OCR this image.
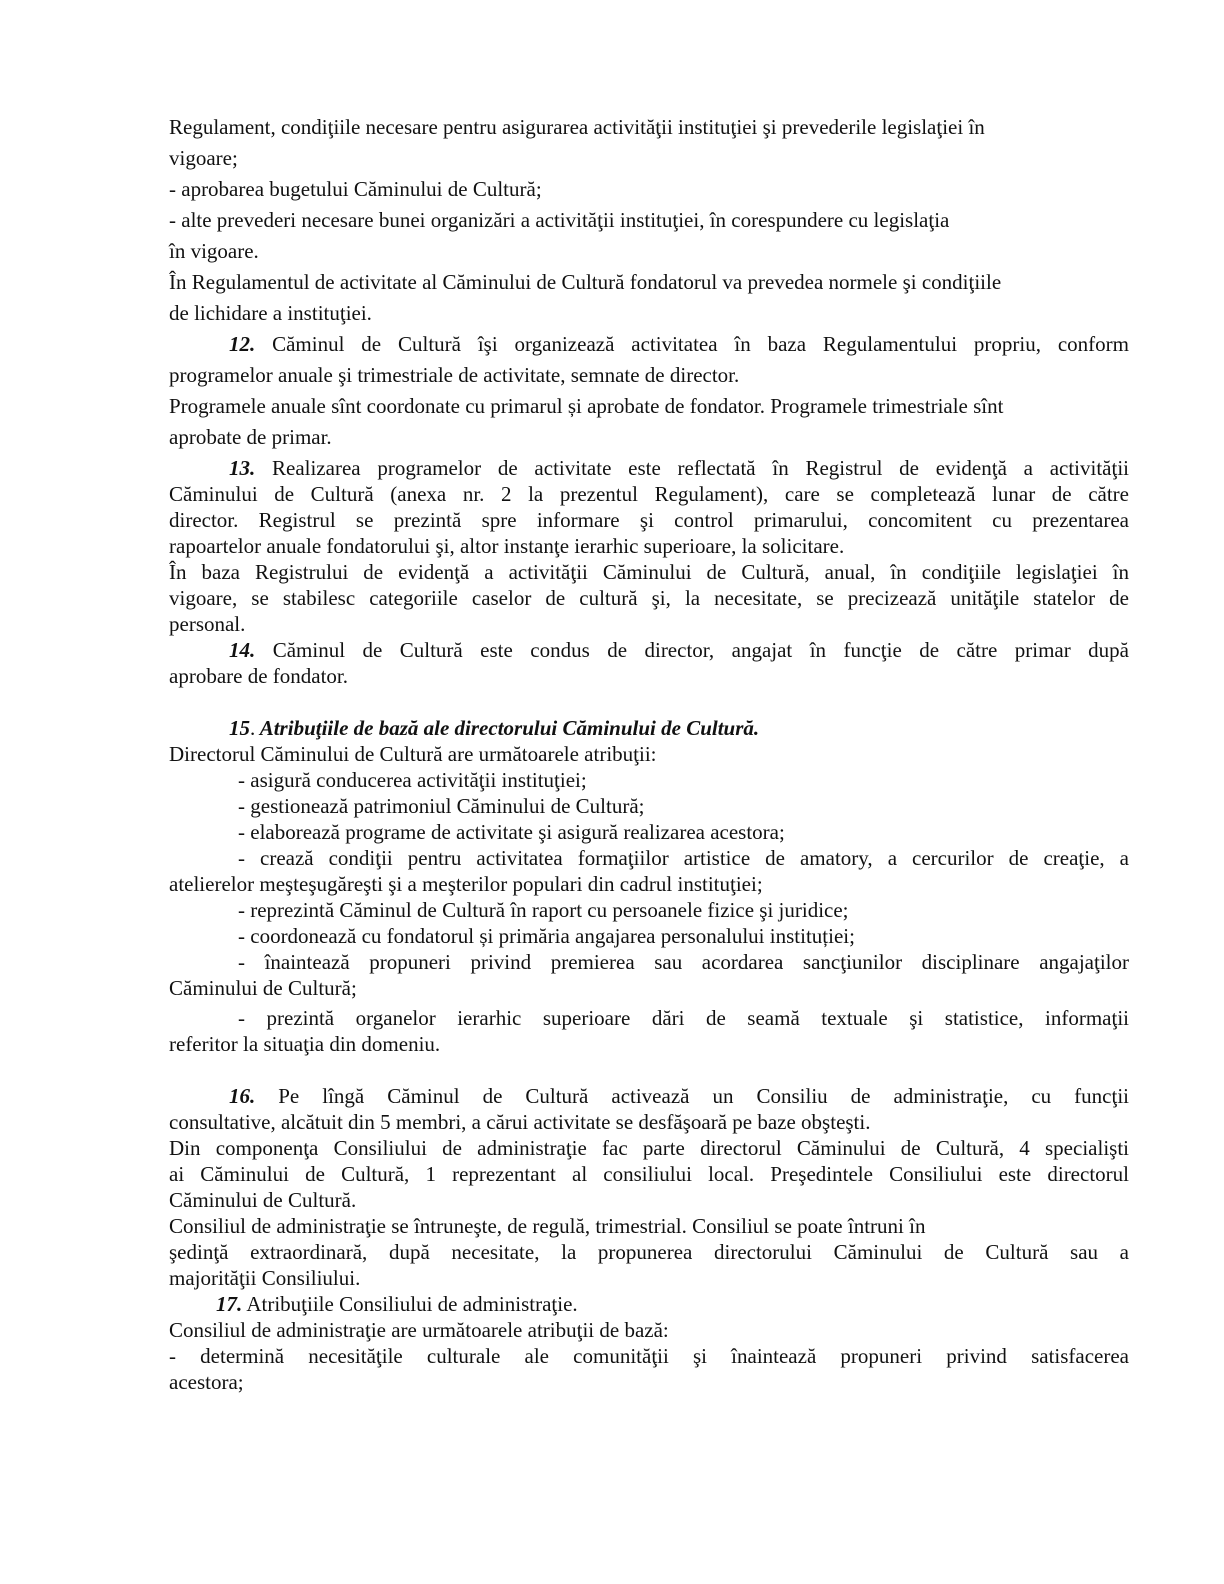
Regulament, condiţiile necesare pentru asigurarea activităţii instituţiei şi prevederile legislaţiei în
vigoare;
- aprobarea bugetului Căminului de Cultură;
- alte prevederi necesare bunei organizări a activităţii instituţiei, în corespundere cu legislaţia
în vigoare.
În Regulamentul de activitate al Căminului de Cultură fondatorul va prevedea normele şi condiţiile
de lichidare a instituţiei.
12. Căminul de Cultură îşi organizează activitatea în baza Regulamentului propriu, conform
programelor anuale şi trimestriale de activitate, semnate de director.
Programele anuale sînt coordonate cu primarul și aprobate de fondator. Programele trimestriale sînt
aprobate de primar.
13. Realizarea programelor de activitate este reflectată în Registrul de evidenţă a activităţii
Căminului de Cultură (anexa nr. 2 la prezentul Regulament), care se completează lunar de către
director. Registrul se prezintă spre informare şi control primarului, concomitent cu prezentarea
rapoartelor anuale fondatorului şi, altor instanţe ierarhic superioare, la solicitare.
În baza Registrului de evidenţă a activităţii Căminului de Cultură, anual, în condiţiile legislaţiei în
vigoare, se stabilesc categoriile caselor de cultură şi, la necesitate, se precizează unităţile statelor de
personal.
14. Căminul de Cultură este condus de director, angajat în funcţie de către primar după
aprobare de fondator.
15. Atribuţiile de bază ale directorului Căminului de Cultură.
Directorul Căminului de Cultură are următoarele atribuţii:
- asigură conducerea activităţii instituţiei;
- gestionează patrimoniul Căminului de Cultură;
- elaborează programe de activitate şi asigură realizarea acestora;
- crează condiţii pentru activitatea formaţiilor artistice de amatory, a cercurilor de creaţie, a
atelierelor meşteşugăreşti şi a meşterilor populari din cadrul instituţiei;
- reprezintă Căminul de Cultură în raport cu persoanele fizice şi juridice;
- coordonează cu fondatorul și primăria angajarea personalului instituției;
- înaintează propuneri privind premierea sau acordarea sancţiunilor disciplinare angajaţilor
Căminului de Cultură;
- prezintă organelor ierarhic superioare dări de seamă textuale şi statistice, informaţii
referitor la situaţia din domeniu.
16. Pe lîngă Căminul de Cultură activează un Consiliu de administraţie, cu funcţii
consultative, alcătuit din 5 membri, a cărui activitate se desfăşoară pe baze obşteşti.
Din componenţa Consiliului de administraţie fac parte directorul Căminului de Cultură, 4 specialişti
ai Căminului de Cultură, 1 reprezentant al consiliului local. Preşedintele Consiliului este directorul
Căminului de Cultură.
Consiliul de administraţie se întruneşte, de regulă, trimestrial. Consiliul se poate întruni în
şedinţă extraordinară, după necesitate, la propunerea directorului Căminului de Cultură sau a
majorităţii Consiliului.
17. Atribuţiile Consiliului de administraţie.
Consiliul de administraţie are următoarele atribuţii de bază:
- determină necesităţile culturale ale comunităţii şi înaintează propuneri privind satisfacerea
acestora;
